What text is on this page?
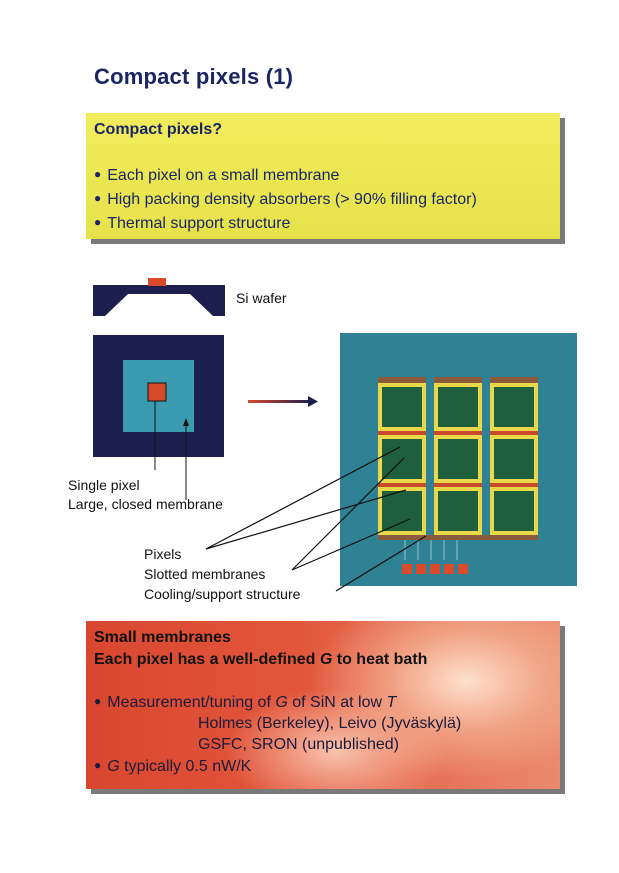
Compact pixels (1)
Compact pixels?
● Each pixel on a small membrane
● High packing density absorbers (> 90% filling factor)
● Thermal support structure
Si wafer
Single pixel
Large, closed membrane
Pixels
Slotted membranes
Cooling/support structure
Small membranes
Each pixel has a well-defined G to heat bath
● Measurement/tuning of G of SiN at low T
Holmes (Berkeley), Leivo (Jyväskylä)
GSFC, SRON (unpublished)
● G typically 0.5 nW/K
